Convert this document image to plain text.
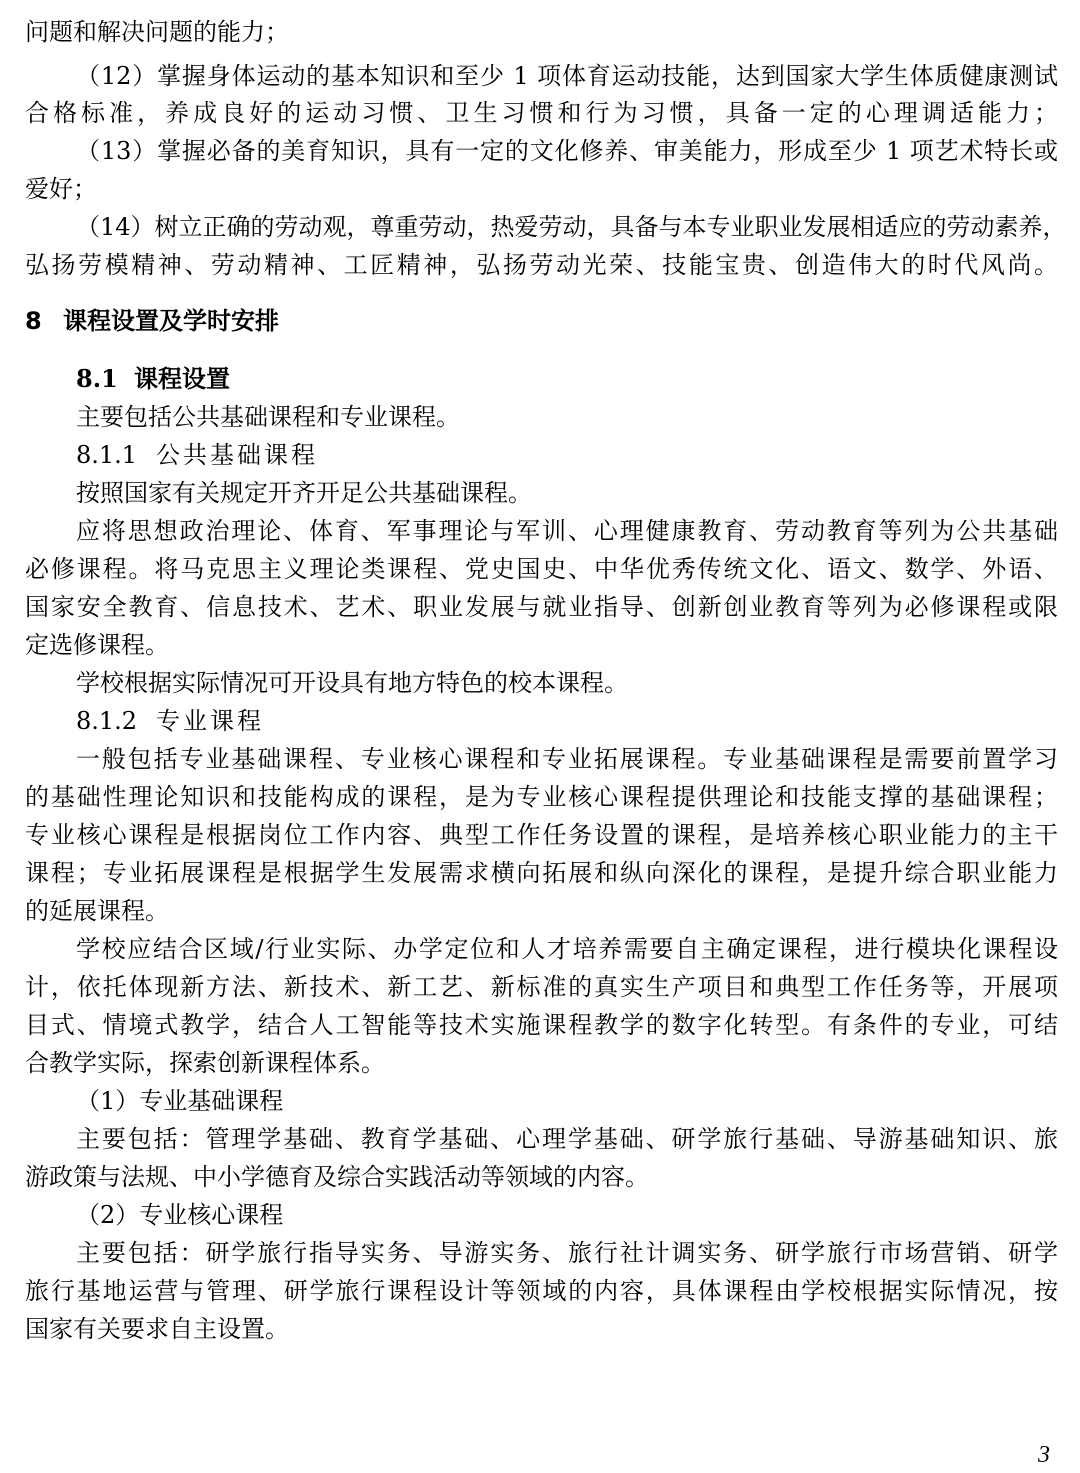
问题和解决问题的能力；
（12）掌握身体运动的基本知识和至少 1 项体育运动技能，达到国家大学生体质健康测试
合格标准，养成良好的运动习惯、卫生习惯和行为习惯，具备一定的心理调适能力；
（13）掌握必备的美育知识，具有一定的文化修养、审美能力，形成至少 1 项艺术特长或
爱好；
（14）树立正确的劳动观，尊重劳动，热爱劳动，具备与本专业职业发展相适应的劳动素养，
弘扬劳模精神、劳动精神、工匠精神，弘扬劳动光荣、技能宝贵、创造伟大的时代风尚。
8 课程设置及学时安排
8.1 课程设置
主要包括公共基础课程和专业课程。
8.1.1 公共基础课程
按照国家有关规定开齐开足公共基础课程。
应将思想政治理论、体育、军事理论与军训、心理健康教育、劳动教育等列为公共基础
必修课程。将马克思主义理论类课程、党史国史、中华优秀传统文化、语文、数学、外语、
国家安全教育、信息技术、艺术、职业发展与就业指导、创新创业教育等列为必修课程或限
定选修课程。
学校根据实际情况可开设具有地方特色的校本课程。
8.1.2 专业课程
一般包括专业基础课程、专业核心课程和专业拓展课程。专业基础课程是需要前置学习
的基础性理论知识和技能构成的课程，是为专业核心课程提供理论和技能支撑的基础课程；
专业核心课程是根据岗位工作内容、典型工作任务设置的课程，是培养核心职业能力的主干
课程；专业拓展课程是根据学生发展需求横向拓展和纵向深化的课程，是提升综合职业能力
的延展课程。
学校应结合区域/行业实际、办学定位和人才培养需要自主确定课程，进行模块化课程设
计，依托体现新方法、新技术、新工艺、新标准的真实生产项目和典型工作任务等，开展项
目式、情境式教学，结合人工智能等技术实施课程教学的数字化转型。有条件的专业，可结
合教学实际，探索创新课程体系。
（1）专业基础课程
主要包括：管理学基础、教育学基础、心理学基础、研学旅行基础、导游基础知识、旅
游政策与法规、中小学德育及综合实践活动等领域的内容。
（2）专业核心课程
主要包括：研学旅行指导实务、导游实务、旅行社计调实务、研学旅行市场营销、研学
旅行基地运营与管理、研学旅行课程设计等领域的内容，具体课程由学校根据实际情况，按
国家有关要求自主设置。
3
